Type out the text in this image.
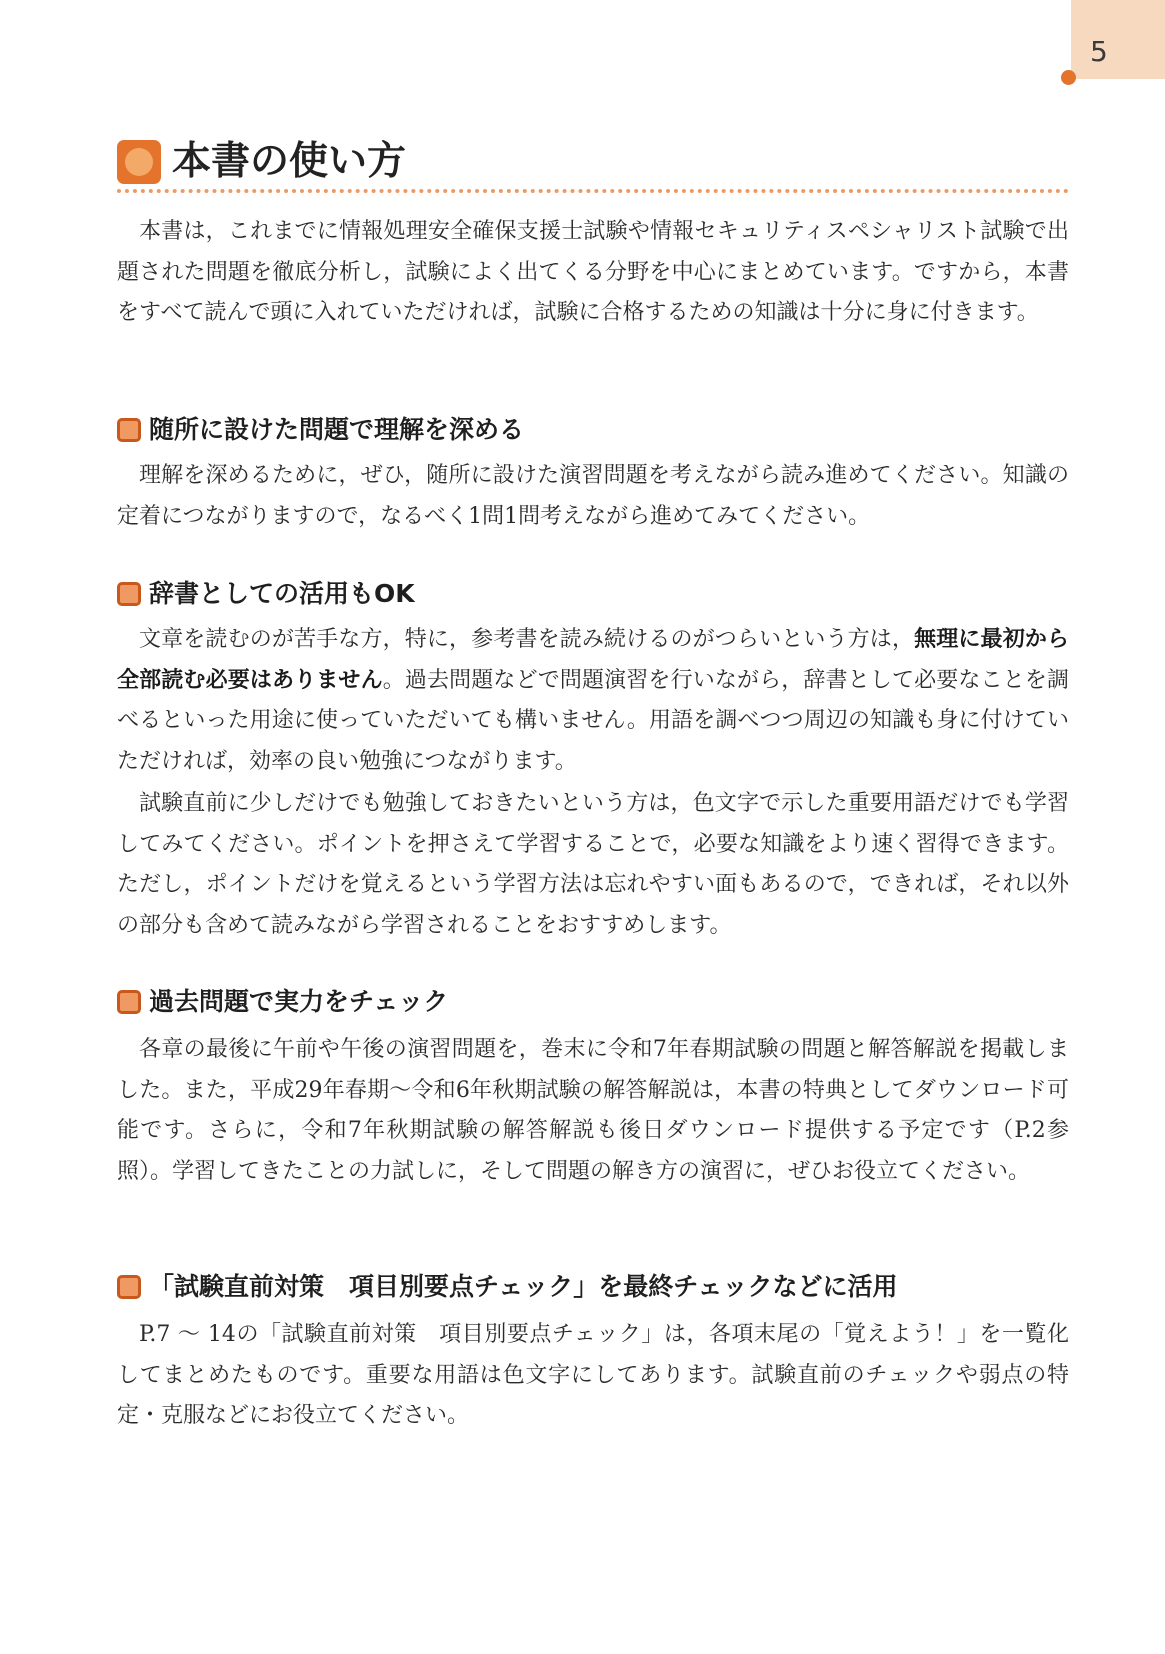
5
本書の使い方

本書は，これまでに情報処理安全確保支援士試験や情報セキュリティスペシャリスト試験で出題された問題を徹底分析し，試験によく出てくる分野を中心にまとめています。ですから，本書をすべて読んで頭に入れていただければ，試験に合格するための知識は十分に身に付きます。

随所に設けた問題で理解を深める

理解を深めるために，ぜひ，随所に設けた演習問題を考えながら読み進めてください。知識の定着につながりますので，なるべく1問1問考えながら進めてみてください。

辞書としての活用もOK

文章を読むのが苦手な方，特に，参考書を読み続けるのがつらいという方は，無理に最初から全部読む必要はありません。過去問題などで問題演習を行いながら，辞書として必要なことを調べるといった用途に使っていただいても構いません。用語を調べつつ周辺の知識も身に付けていただければ，効率の良い勉強につながります。

試験直前に少しだけでも勉強しておきたいという方は，色文字で示した重要用語だけでも学習してみてください。ポイントを押さえて学習することで，必要な知識をより速く習得できます。ただし，ポイントだけを覚えるという学習方法は忘れやすい面もあるので，できれば，それ以外の部分も含めて読みながら学習されることをおすすめします。

過去問題で実力をチェック

各章の最後に午前や午後の演習問題を，巻末に令和7年春期試験の問題と解答解説を掲載しました。また，平成29年春期～令和6年秋期試験の解答解説は，本書の特典としてダウンロード可能です。さらに，令和7年秋期試験の解答解説も後日ダウンロード提供する予定です（P.2参照）。学習してきたことの力試しに，そして問題の解き方の演習に，ぜひお役立てください。

「試験直前対策　項目別要点チェック」を最終チェックなどに活用

P.7 ～ 14の「試験直前対策　項目別要点チェック」は，各項末尾の「覚えよう！」を一覧化してまとめたものです。重要な用語は色文字にしてあります。試験直前のチェックや弱点の特定・克服などにお役立てください。
